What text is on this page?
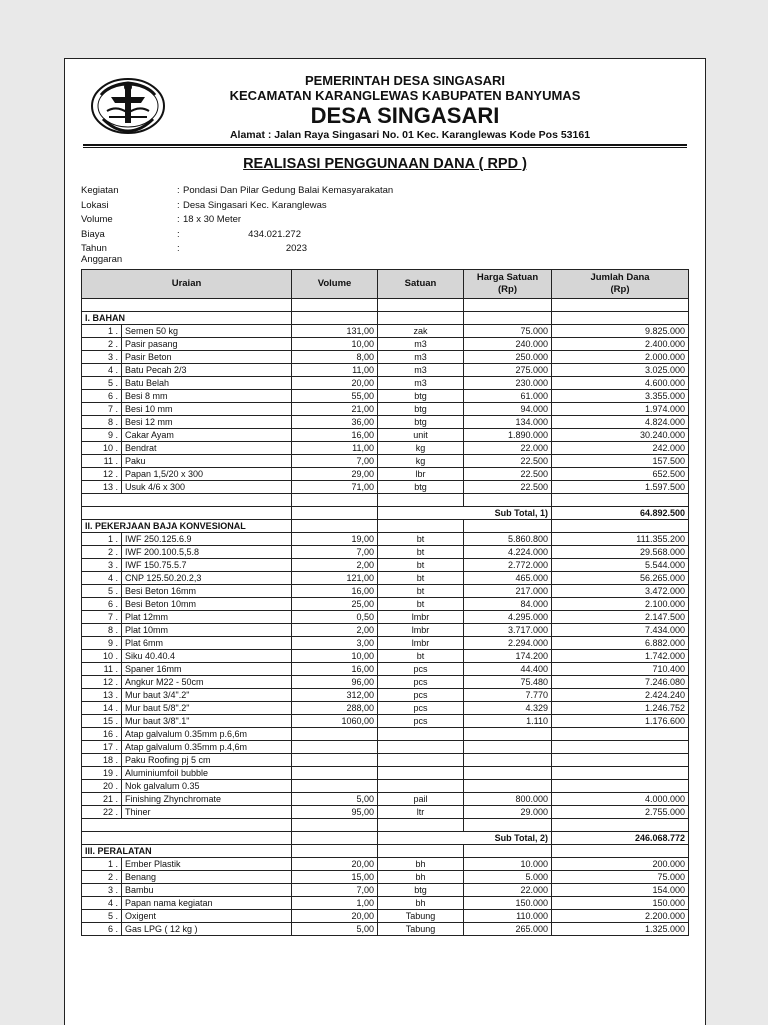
PEMERINTAH DESA SINGASARI
KECAMATAN KARANGLEWAS KABUPATEN BANYUMAS
DESA SINGASARI
Alamat : Jalan Raya Singasari No. 01 Kec. Karanglewas Kode Pos 53161
REALISASI PENGGUNAAN DANA ( RPD )
Kegiatan	: Pondasi Dan Pilar Gedung Balai Kemasyarakatan
Lokasi	: Desa Singasari Kec. Karanglewas
Volume	: 18 x 30 Meter
Biaya	:	434.021.272
Tahun Anggaran
:	2023
Uraian		Volume	Satuan	Harga Satuan
(Rp)	Jumlah Dana
(Rp)

I. BAHAN					
1 .	Semen 50 kg	131,00	zak	75.000	9.825.000
2 .	Pasir pasang	10,00	m3	240.000	2.400.000
3 .	Pasir Beton	8,00	m3	250.000	2.000.000
4 .	Batu Pecah 2/3	11,00	m3	275.000	3.025.000
5 .	Batu Belah	20,00	m3	230.000	4.600.000
6 .	Besi 8 mm	55,00	btg	61.000	3.355.000
7 .	Besi 10 mm	21,00	btg	94.000	1.974.000
8 .	Besi 12 mm	36,00	btg	134.000	4.824.000
9 .	Cakar Ayam	16,00	unit	1.890.000	30.240.000
10 .	Bendrat	11,00	kg	22.000	242.000
11 .	Paku	7,00	kg	22.500	157.500
12 .	Papan 1,5/20 x 300	29,00	lbr	22.500	652.500
13 .	Usuk 4/6 x 300	71,00	btg	22.500	1.597.500

			Sub Total, 1)		64.892.500
II. PEKERJAAN BAJA KONVESIONAL					
1 .	IWF 250.125.6.9	19,00	bt	5.860.800	111.355.200
2 .	IWF 200.100.5,5.8	7,00	bt	4.224.000	29.568.000
3 .	IWF 150.75.5.7	2,00	bt	2.772.000	5.544.000
4 .	CNP 125.50.20.2,3	121,00	bt	465.000	56.265.000
5 .	Besi Beton 16mm	16,00	bt	217.000	3.472.000
6 .	Besi Beton 10mm	25,00	bt	84.000	2.100.000
7 .	Plat 12mm	0,50	lmbr	4.295.000	2.147.500
8 .	Plat 10mm	2,00	lmbr	3.717.000	7.434.000
9 .	Plat 6mm	3,00	lmbr	2.294.000	6.882.000
10 .	Siku 40.40.4	10,00	bt	174.200	1.742.000
11 .	Spaner 16mm	16,00	pcs	44.400	710.400
12 .	Angkur M22 - 50cm	96,00	pcs	75.480	7.246.080
13 .	Mur baut 3/4".2"	312,00	pcs	7.770	2.424.240
14 .	Mur baut 5/8".2"	288,00	pcs	4.329	1.246.752
15 .	Mur baut 3/8".1"	1060,00	pcs	1.110	1.176.600
16 .	Atap galvalum 0.35mm p.6,6m				
17 .	Atap galvalum 0.35mm p.4,6m				
18 .	Paku Roofing pj 5 cm				
19 .	Aluminiumfoil bubble				
20 .	Nok galvalum 0.35				
21 .	Finishing Zhynchromate	5,00	pail	800.000	4.000.000
22 .	Thiner	95,00	ltr	29.000	2.755.000

			Sub Total, 2)		246.068.772
III. PERALATAN					
1 .	Ember Plastik	20,00	bh	10.000	200.000
2 .	Benang	15,00	bh	5.000	75.000
3 .	Bambu	7,00	btg	22.000	154.000
4 .	Papan nama kegiatan	1,00	bh	150.000	150.000
5 .	Oxigent	20,00	Tabung	110.000	2.200.000
6 .	Gas LPG ( 12 kg )	5,00	Tabung	265.000	1.325.000
